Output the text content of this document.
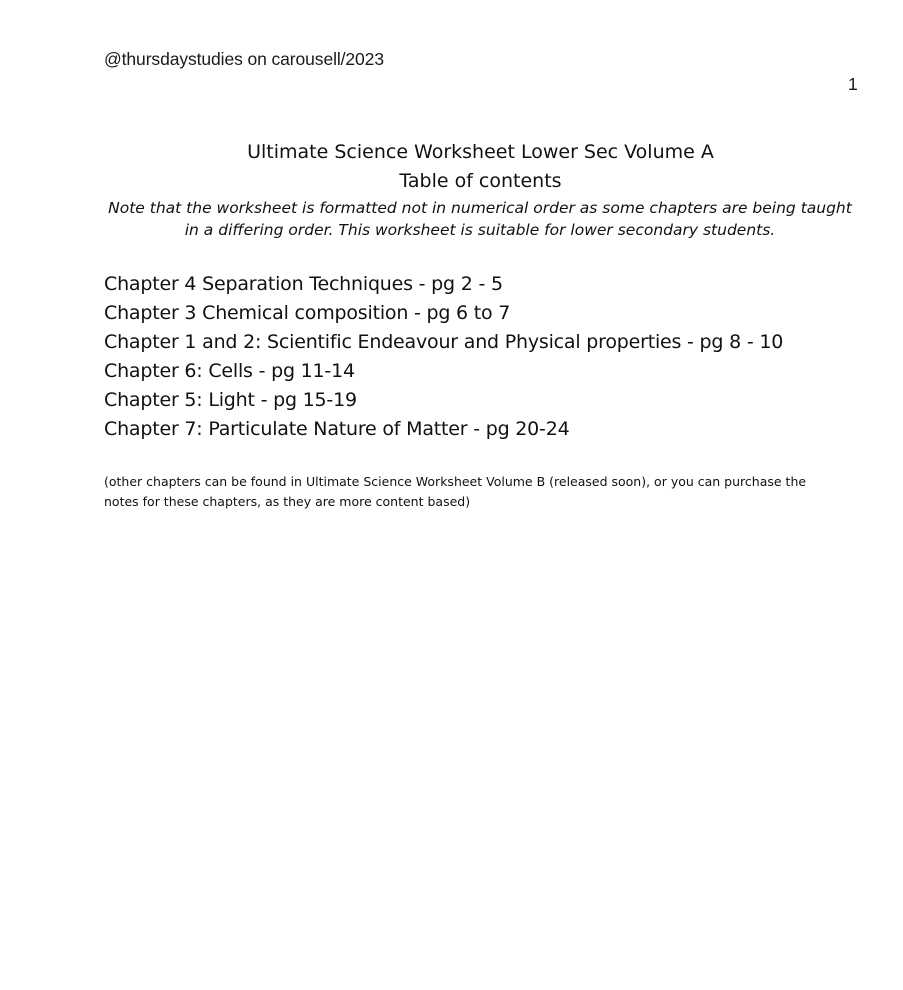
@thursdaystudies on carousell/2023
1
Ultimate Science Worksheet Lower Sec Volume A
Table of contents
Note that the worksheet is formatted not in numerical order as some chapters are being taught in a differing order. This worksheet is suitable for lower secondary students.
Chapter 4 Separation Techniques - pg 2 - 5
Chapter 3 Chemical composition - pg 6 to 7
Chapter 1 and 2: Scientific Endeavour and Physical properties - pg 8 - 10
Chapter 6: Cells - pg 11-14
Chapter 5: Light - pg 15-19
Chapter 7: Particulate Nature of Matter - pg 20-24
(other chapters can be found in Ultimate Science Worksheet Volume B (released soon), or you can purchase the notes for these chapters, as they are more content based)
